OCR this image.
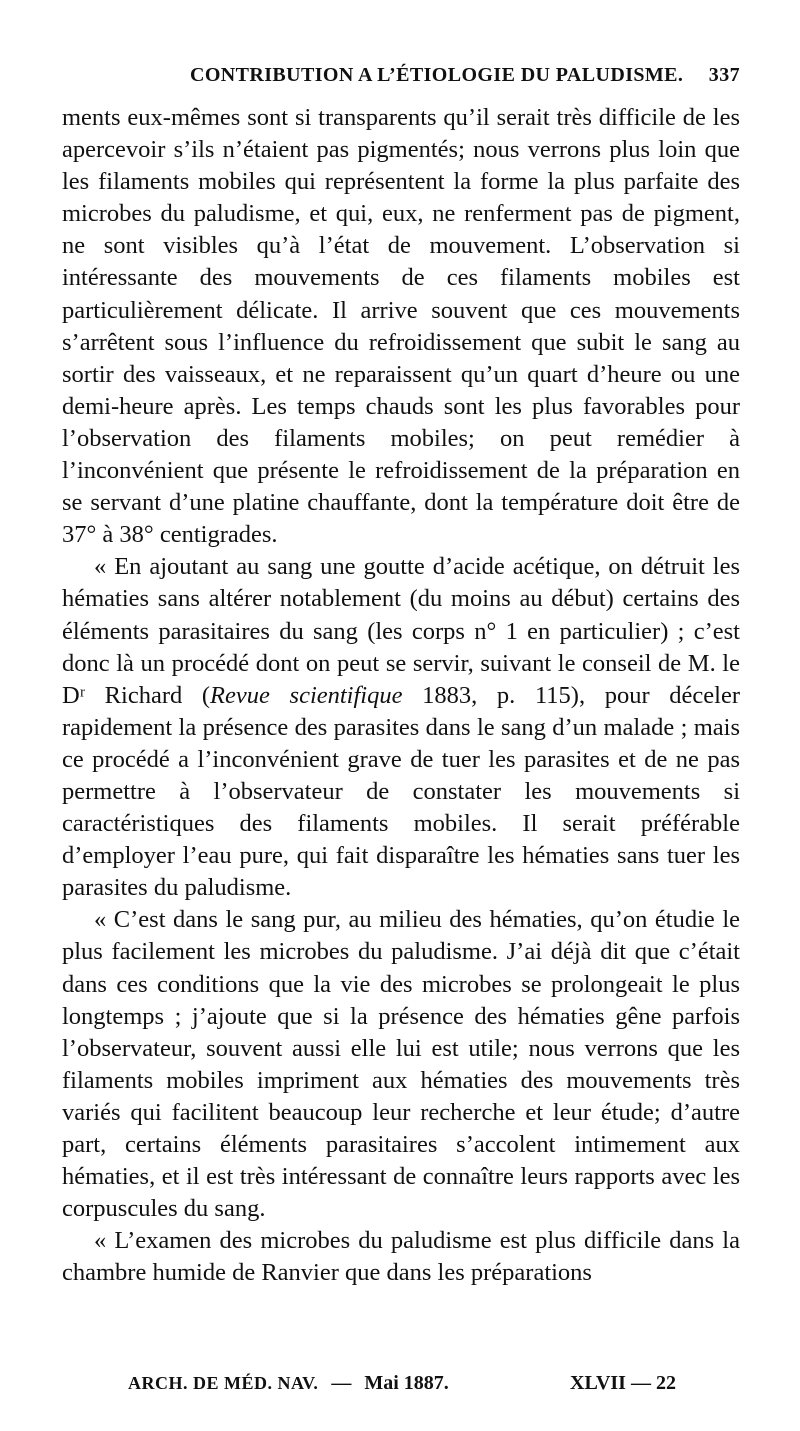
CONTRIBUTION A L’ÉTIOLOGIE DU PALUDISME. 337

ments eux-mêmes sont si transparents qu’il serait très difficile de les apercevoir s’ils n’étaient pas pigmentés; nous verrons plus loin que les filaments mobiles qui représentent la forme la plus parfaite des microbes du paludisme, et qui, eux, ne renferment pas de pigment, ne sont visibles qu’à l’état de mouvement. L’observation si intéressante des mouvements de ces filaments mobiles est particulièrement délicate. Il arrive souvent que ces mouvements s’arrêtent sous l’influence du refroidissement que subit le sang au sortir des vaisseaux, et ne reparaissent qu’un quart d’heure ou une demi-heure après. Les temps chauds sont les plus favorables pour l’observation des filaments mobiles; on peut remédier à l’inconvénient que présente le refroidissement de la préparation en se servant d’une platine chauffante, dont la température doit être de 37° à 38° centigrades.

« En ajoutant au sang une goutte d’acide acétique, on détruit les hématies sans altérer notablement (du moins au début) certains des éléments parasitaires du sang (les corps n° 1 en particulier) ; c’est donc là un procédé dont on peut se servir, suivant le conseil de M. le Dʳ Richard (Revue scientifique 1883, p. 115), pour déceler rapidement la présence des parasites dans le sang d’un malade ; mais ce procédé a l’inconvénient grave de tuer les parasites et de ne pas permettre à l’observateur de constater les mouvements si caractéristiques des filaments mobiles. Il serait préférable d’employer l’eau pure, qui fait disparaître les hématies sans tuer les parasites du paludisme.

« C’est dans le sang pur, au milieu des hématies, qu’on étudie le plus facilement les microbes du paludisme. J’ai déjà dit que c’était dans ces conditions que la vie des microbes se prolongeait le plus longtemps ; j’ajoute que si la présence des hématies gêne parfois l’observateur, souvent aussi elle lui est utile; nous verrons que les filaments mobiles impriment aux hématies des mouvements très variés qui facilitent beaucoup leur recherche et leur étude; d’autre part, certains éléments parasitaires s’accolent intimement aux hématies, et il est très intéressant de connaître leurs rapports avec les corpuscules du sang.

« L’examen des microbes du paludisme est plus difficile dans la chambre humide de Ranvier que dans les préparations

ARCH. DE MÉD. NAV. — Mai 1887.	XLVII — 22
